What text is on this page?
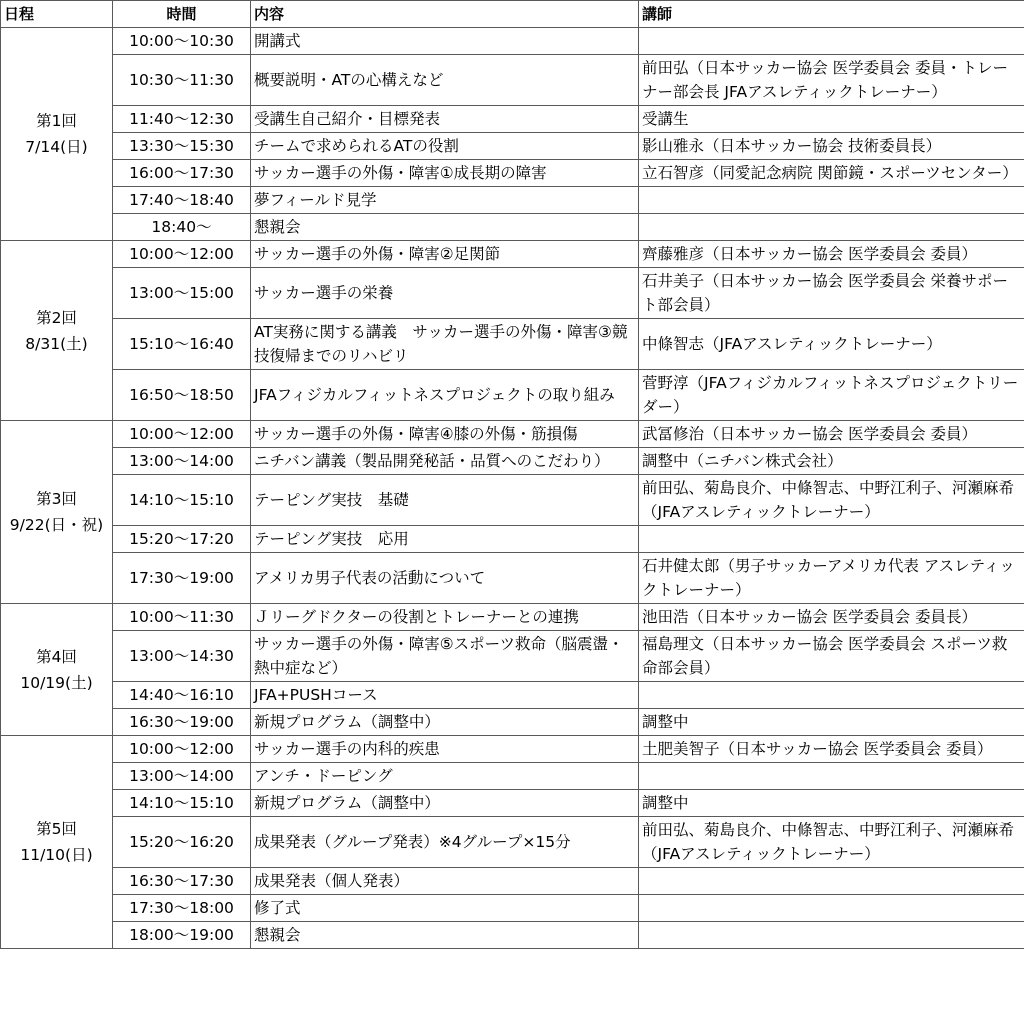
日程	時間	内容	講師

第1回
7/14(日)	10:00〜10:30	開講式	
	10:30〜11:30	概要説明・ATの心構えなど	前田弘（日本サッカー協会 医学委員会 委員・トレーナー部会長 JFAアスレティックトレーナー）
	11:40〜12:30	受講生自己紹介・目標発表	受講生
	13:30〜15:30	チームで求められるATの役割	影山雅永（日本サッカー協会 技術委員長）
	16:00〜17:30	サッカー選手の外傷・障害①成長期の障害	立石智彦（同愛記念病院 関節鏡・スポーツセンター）
	17:40〜18:40	夢フィールド見学	
	18:40〜	懇親会	

第2回
8/31(土)	10:00〜12:00	サッカー選手の外傷・障害②足関節	齊藤雅彦（日本サッカー協会 医学委員会 委員）
	13:00〜15:00	サッカー選手の栄養	石井美子（日本サッカー協会 医学委員会 栄養サポート部会員）
	15:10〜16:40	AT実務に関する講義　サッカー選手の外傷・障害③競技復帰までのリハビリ	中條智志（JFAアスレティックトレーナー）
	16:50〜18:50	JFAフィジカルフィットネスプロジェクトの取り組み	菅野淳（JFAフィジカルフィットネスプロジェクトリーダー）

第3回
9/22(日・祝)	10:00〜12:00	サッカー選手の外傷・障害④膝の外傷・筋損傷	武冨修治（日本サッカー協会 医学委員会 委員）
	13:00〜14:00	ニチバン講義（製品開発秘話・品質へのこだわり）	調整中（ニチバン株式会社）
	14:10〜15:10	テーピング実技　基礎	前田弘、菊島良介、中條智志、中野江利子、河瀬麻希（JFAアスレティックトレーナー）
	15:20〜17:20	テーピング実技　応用	
	17:30〜19:00	アメリカ男子代表の活動について	石井健太郎（男子サッカーアメリカ代表 アスレティックトレーナー）

第4回
10/19(土)	10:00〜11:30	Ｊリーグドクターの役割とトレーナーとの連携	池田浩（日本サッカー協会 医学委員会 委員長）
	13:00〜14:30	サッカー選手の外傷・障害⑤スポーツ救命（脳震盪・熱中症など）	福島理文（日本サッカー協会 医学委員会 スポーツ救命部会員）
	14:40〜16:10	JFA+PUSHコース	
	16:30〜19:00	新規プログラム（調整中）	調整中

第5回
11/10(日)	10:00〜12:00	サッカー選手の内科的疾患	土肥美智子（日本サッカー協会 医学委員会 委員）
	13:00〜14:00	アンチ・ドーピング	
	14:10〜15:10	新規プログラム（調整中）	調整中
	15:20〜16:20	成果発表（グループ発表）※4グループ×15分	前田弘、菊島良介、中條智志、中野江利子、河瀬麻希（JFAアスレティックトレーナー）
	16:30〜17:30	成果発表（個人発表）	
	17:30〜18:00	修了式	
	18:00〜19:00	懇親会	
